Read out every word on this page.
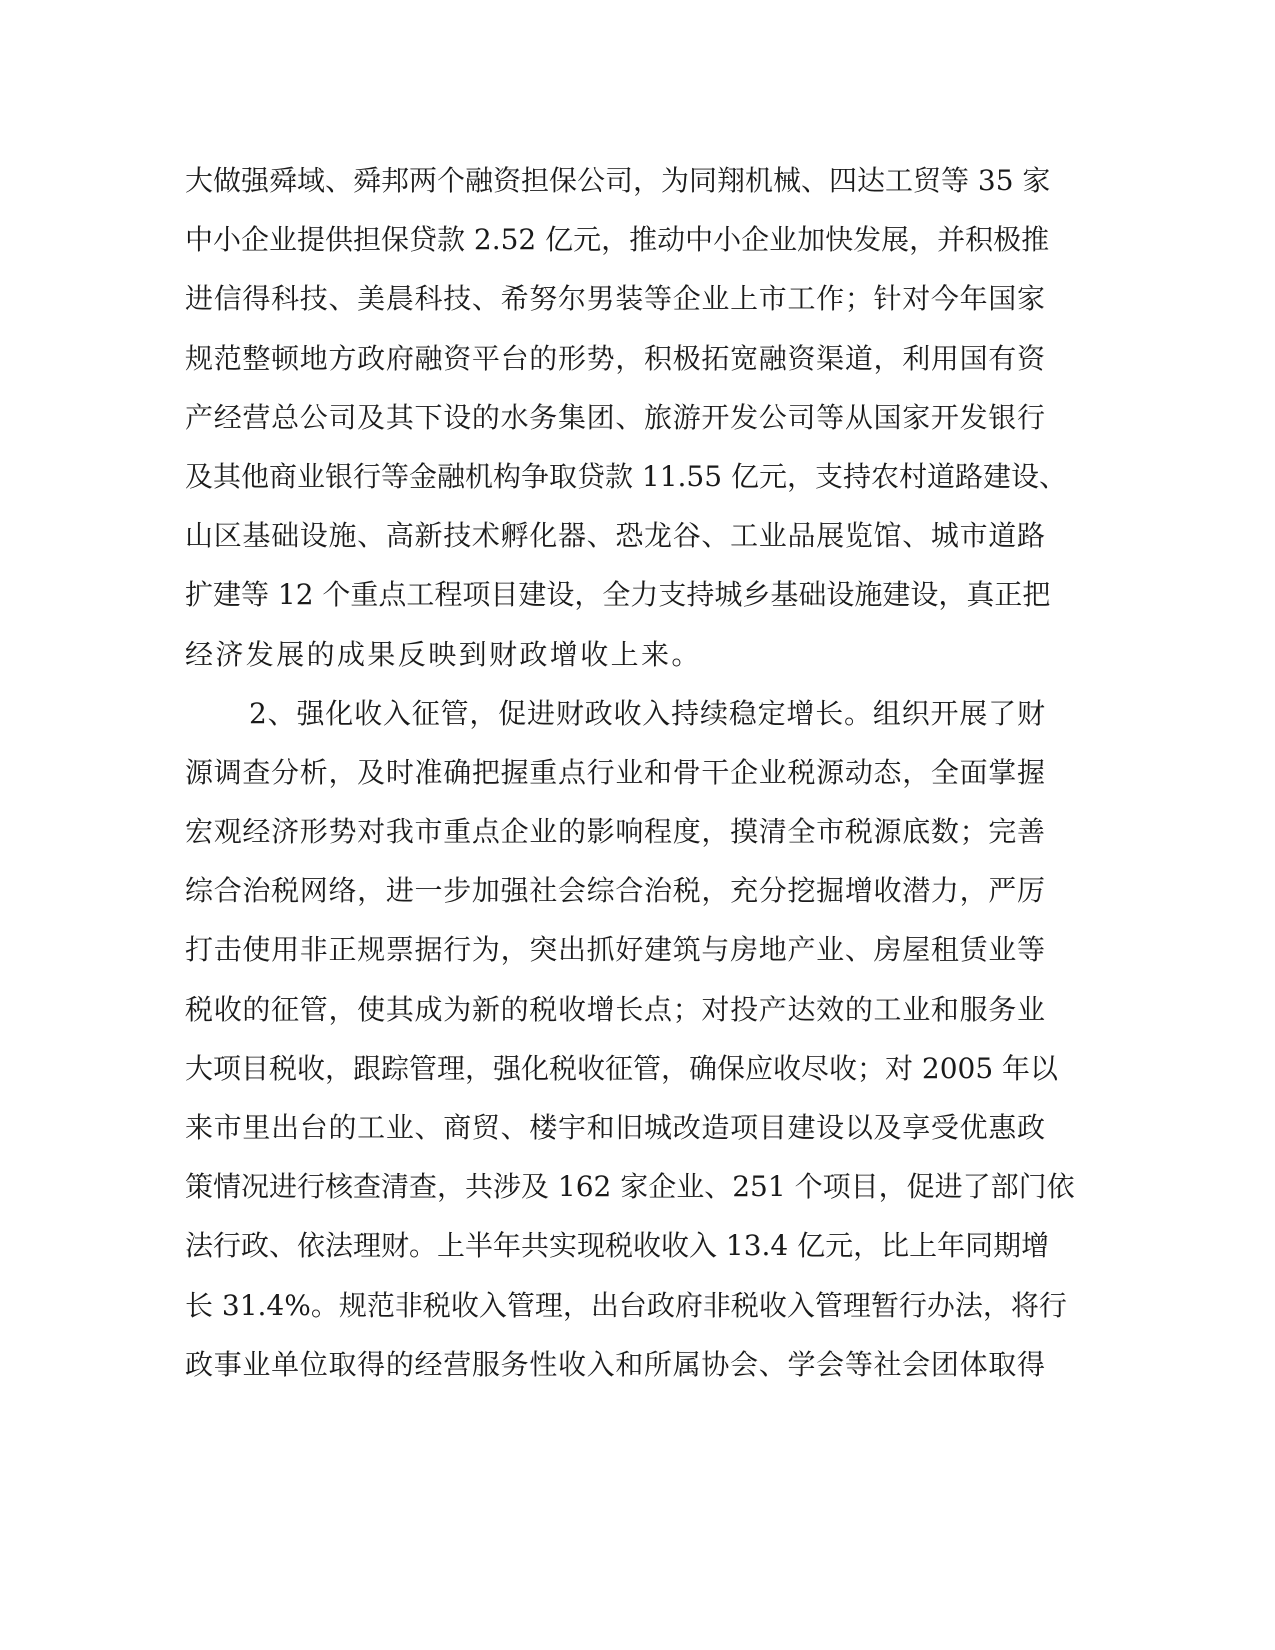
大做强舜域、舜邦两个融资担保公司，为同翔机械、四达工贸等 35 家
中小企业提供担保贷款 2.52 亿元，推动中小企业加快发展，并积极推
进信得科技、美晨科技、希努尔男装等企业上市工作；针对今年国家
规范整顿地方政府融资平台的形势，积极拓宽融资渠道，利用国有资
产经营总公司及其下设的水务集团、旅游开发公司等从国家开发银行
及其他商业银行等金融机构争取贷款 11.55 亿元，支持农村道路建设、
山区基础设施、高新技术孵化器、恐龙谷、工业品展览馆、城市道路
扩建等 12 个重点工程项目建设，全力支持城乡基础设施建设，真正把
经济发展的成果反映到财政增收上来。
2、强化收入征管，促进财政收入持续稳定增长。组织开展了财
源调查分析，及时准确把握重点行业和骨干企业税源动态，全面掌握
宏观经济形势对我市重点企业的影响程度，摸清全市税源底数；完善
综合治税网络，进一步加强社会综合治税，充分挖掘增收潜力，严厉
打击使用非正规票据行为，突出抓好建筑与房地产业、房屋租赁业等
税收的征管，使其成为新的税收增长点；对投产达效的工业和服务业
大项目税收，跟踪管理，强化税收征管，确保应收尽收；对 2005 年以
来市里出台的工业、商贸、楼宇和旧城改造项目建设以及享受优惠政
策情况进行核查清查，共涉及 162 家企业、251 个项目，促进了部门依
法行政、依法理财。上半年共实现税收收入 13.4 亿元，比上年同期增
长 31.4%。规范非税收入管理，出台政府非税收入管理暂行办法，将行
政事业单位取得的经营服务性收入和所属协会、学会等社会团体取得
